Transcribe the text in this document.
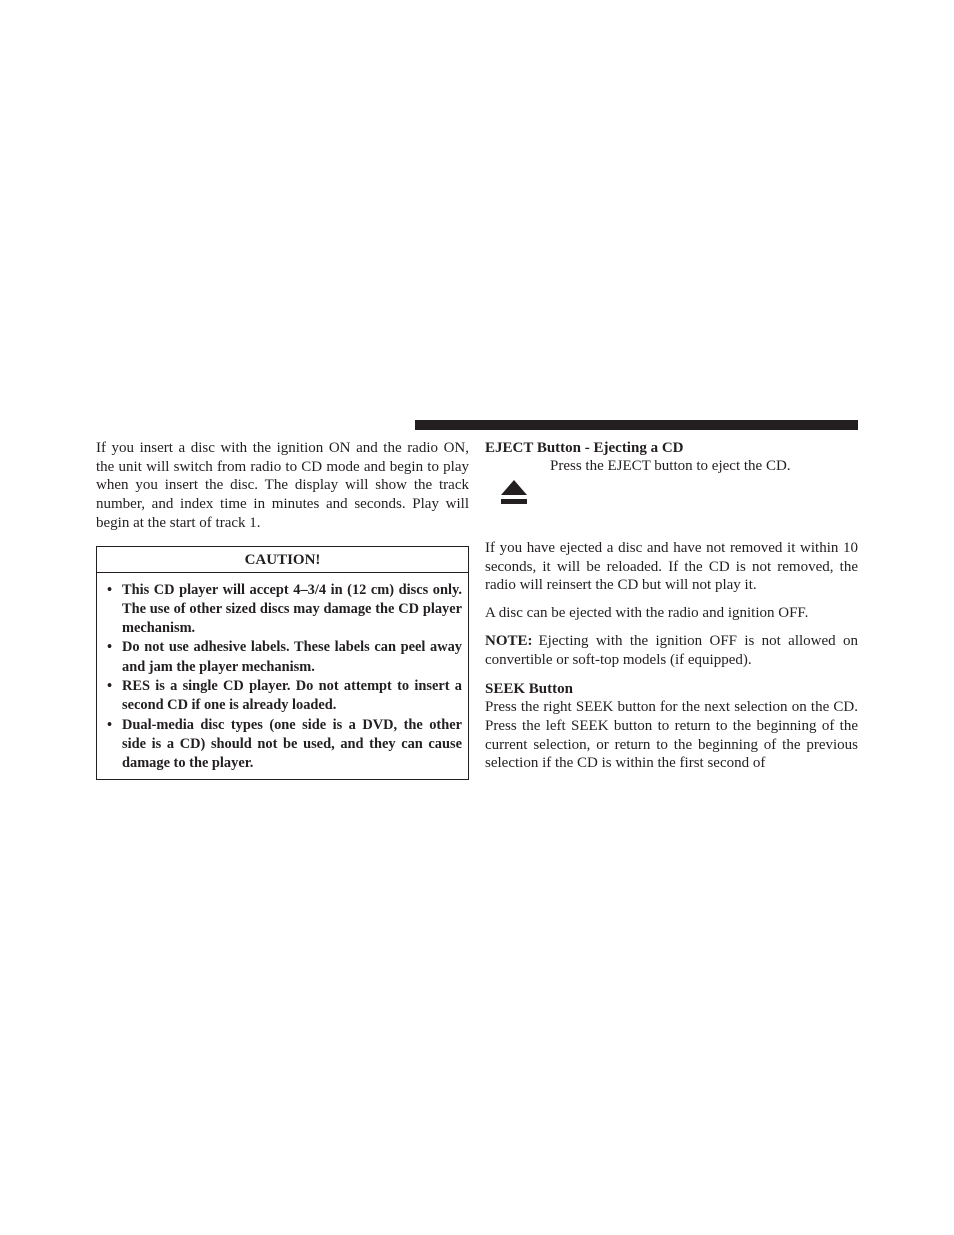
If you insert a disc with the ignition ON and the radio ON, the unit will switch from radio to CD mode and begin to play when you insert the disc. The display will show the track number, and index time in minutes and seconds. Play will begin at the start of track 1.

CAUTION!
• This CD player will accept 4–3/4 in (12 cm) discs only. The use of other sized discs may damage the CD player mechanism.
• Do not use adhesive labels. These labels can peel away and jam the player mechanism.
• RES is a single CD player. Do not attempt to insert a second CD if one is already loaded.
• Dual-media disc types (one side is a DVD, the other side is a CD) should not be used, and they can cause damage to the player.

EJECT Button - Ejecting a CD

Press the EJECT button to eject the CD.

If you have ejected a disc and have not removed it within 10 seconds, it will be reloaded. If the CD is not removed, the radio will reinsert the CD but will not play it.

A disc can be ejected with the radio and ignition OFF.

NOTE: Ejecting with the ignition OFF is not allowed on convertible or soft-top models (if equipped).

SEEK Button

Press the right SEEK button for the next selection on the CD. Press the left SEEK button to return to the beginning of the current selection, or return to the beginning of the previous selection if the CD is within the first second of
